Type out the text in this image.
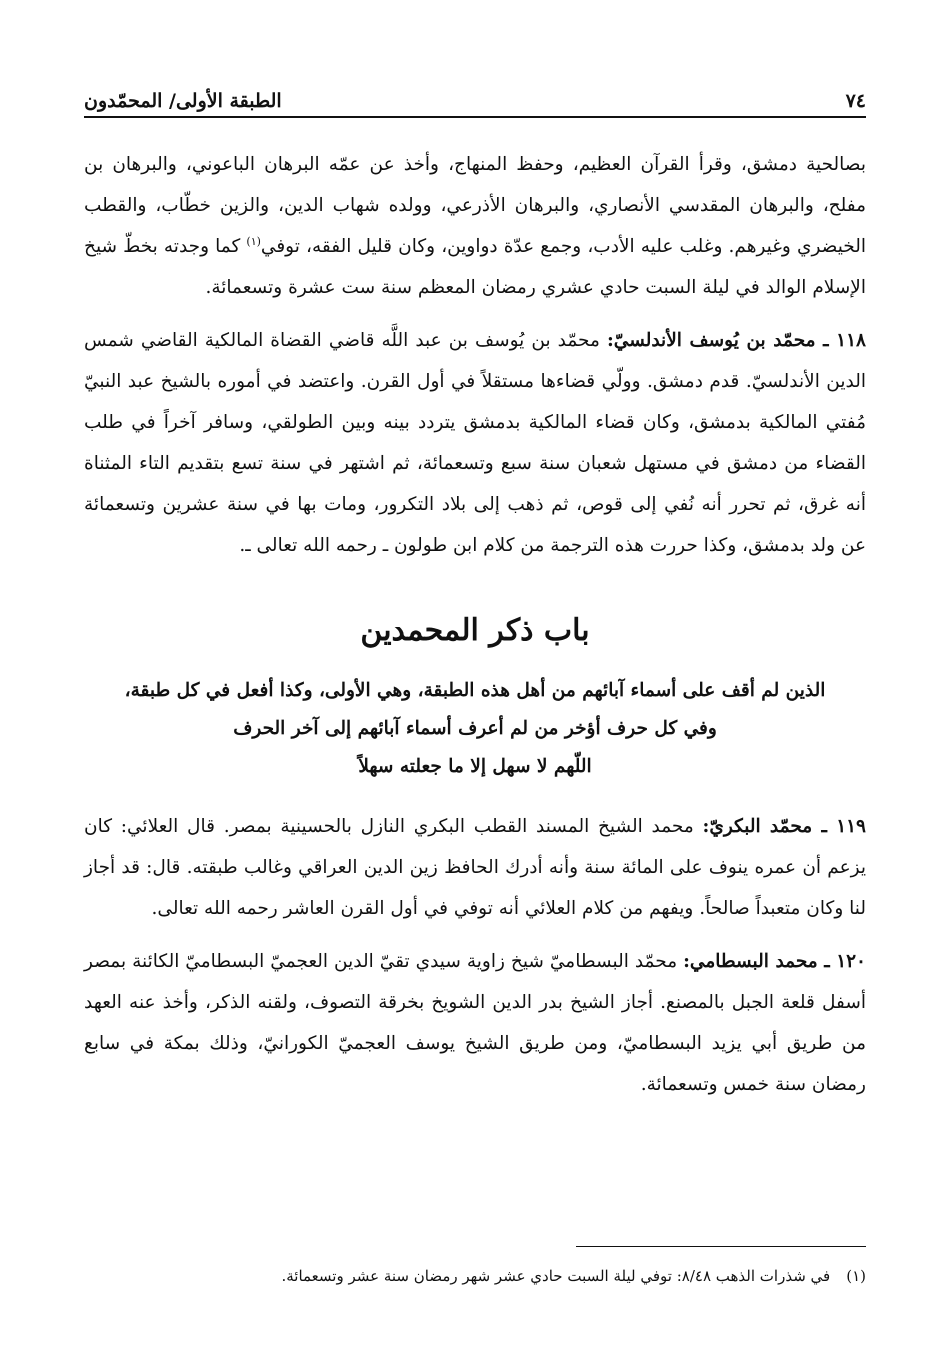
٧٤
الطبقة الأولى/ المحمّدون

بصالحية دمشق، وقرأ القرآن العظيم، وحفظ المنهاج، وأخذ عن عمّه البرهان الباعوني، والبرهان بن مفلح، والبرهان المقدسي الأنصاري، والبرهان الأذرعي، وولده شهاب الدين، والزين خطّاب، والقطب الخيضري وغيرهم. وغلب عليه الأدب، وجمع عدّة دواوين، وكان قليل الفقه، توفي$^{(١)}$ كما وجدته بخطّ شيخ الإسلام الوالد في ليلة السبت حادي عشري رمضان المعظم سنة ست عشرة وتسعمائة.

١١٨ ـ محمّد بن يُوسف الأندلسيّ: محمّد بن يُوسف بن عبد اللَّه قاضي القضاة المالكية القاضي شمس الدين الأندلسيّ. قدم دمشق. وولّي قضاءها مستقلاً في أول القرن. واعتضد في أموره بالشيخ عبد النبيّ مُفتي المالكية بدمشق، وكان قضاء المالكية بدمشق يتردد بينه وبين الطولقي، وسافر آخراً في طلب القضاء من دمشق في مستهل شعبان سنة سبع وتسعمائة، ثم اشتهر في سنة تسع بتقديم التاء المثناة أنه غرق، ثم تحرر أنه نُفي إلى قوص، ثم ذهب إلى بلاد التكرور، ومات بها في سنة عشرين وتسعمائة عن ولد بدمشق، وكذا حررت هذه الترجمة من كلام ابن طولون ـ رحمه الله تعالى ـ.

باب ذكر المحمدين
الذين لم أقف على أسماء آبائهم من أهل هذه الطبقة، وهي الأولى، وكذا أفعل في كل طبقة،
وفي كل حرف أؤخر من لم أعرف أسماء آبائهم إلى آخر الحرف
اللّهم لا سهل إلا ما جعلته سهلاً

١١٩ ـ محمّد البكريّ: محمد الشيخ المسند القطب البكري النازل بالحسينية بمصر. قال العلائي: كان يزعم أن عمره ينوف على المائة سنة وأنه أدرك الحافظ زين الدين العراقي وغالب طبقته. قال: قد أجاز لنا وكان متعبداً صالحاً. ويفهم من كلام العلائي أنه توفي في أول القرن العاشر رحمه الله تعالى.

١٢٠ ـ محمد البسطامي: محمّد البسطاميّ شيخ زاوية سيدي تقيّ الدين العجميّ البسطاميّ الكائنة بمصر أسفل قلعة الجبل بالمصنع. أجاز الشيخ بدر الدين الشويخ بخرقة التصوف، ولقنه الذكر، وأخذ عنه العهد من طريق أبي يزيد البسطاميّ، ومن طريق الشيخ يوسف العجميّ الكورانيّ، وذلك بمكة في سابع رمضان سنة خمس وتسعمائة.

(١)في شذرات الذهب ٨/٤٨: توفي ليلة السبت حادي عشر شهر رمضان سنة عشر وتسعمائة.
